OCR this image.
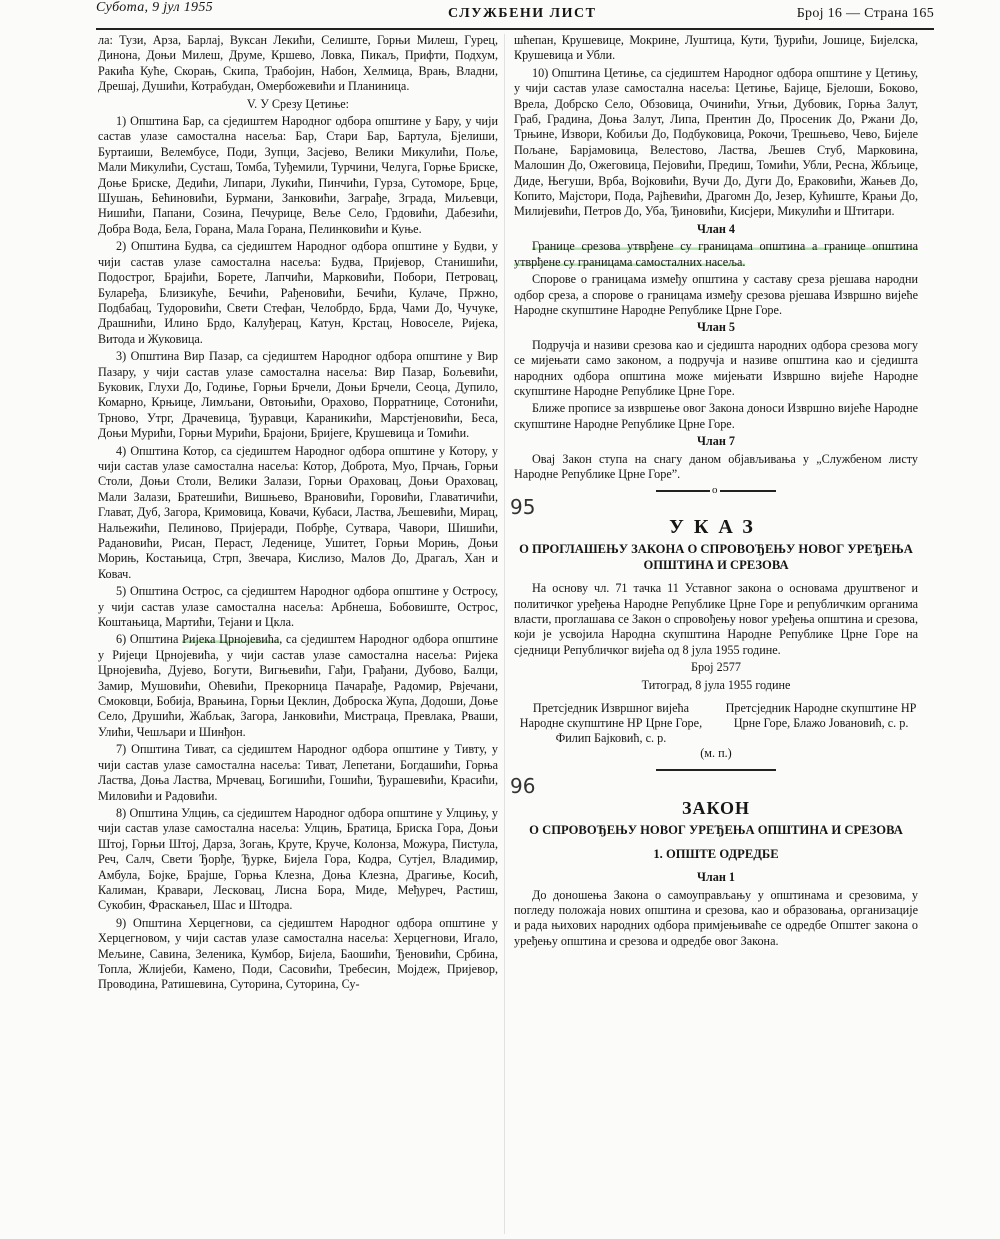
Субота, 9 јул 1955	СЛУЖБЕНИ ЛИСТ	Број 16 — Страна 165

ла: Тузи, Арза, Барлај, Вуксан Лекићи, Селиште, Горњи Милеш, Гурец, Динона, Доњи Милеш, Друме, Кршево, Ловка, Пикаљ, Прифти, Подхум, Ракића Куће, Скорањ, Скипа, Трабојин, Набон, Хелмица, Врањ, Владни, Дрешај, Душићи, Котрабудан, Омербожевићи и Планиница.

V. У Срезу Цетиње:

1) Општина Бар, са сједиштем Народног одбора општине у Бару, у чији састав улазе самостална насеља: Бар, Стари Бар, Бартула, Бјелиши, Буртаиши, Велембусе, Поди, Зупци, Засјево, Велики Микулићи, Поље, Мали Микулићи, Сусташ, Томба, Туђемили, Турчини, Челуга, Горње Бриске, Доње Бриске, Дедићи, Липари, Лукићи, Пинчићи, Гурза, Сутоморе, Брце, Шушањ, Бећиновићи, Бурмани, Занковићи, Заграђе, Зграда, Миљевци, Нишићи, Папани, Созина, Печурице, Веље Село, Грдовићи, Дабезићи, Добра Вода, Бела, Горана, Мала Горана, Пелинковићи и Куње.

2) Општина Будва, са сједиштем Народног одбора општине у Будви, у чији састав улазе самостална насеља: Будва, Пријевор, Станишићи, Подострог, Брајићи, Борете, Лапчићи, Марковићи, Побори, Петровац, Булаређа, Близикуће, Бечићи, Рађеновићи, Бечићи, Кулаче, Пржно, Подбабац, Тудоровићи, Свети Стефан, Челобрдо, Брда, Чами До, Чучуке, Драшнићи, Илино Брдо, Калуђерац, Катун, Крстац, Новоселе, Ријека, Витода и Жуковица.

3) Општина Вир Пазар, са сједиштем Народног одбора општине у Вир Пазару, у чији састав улазе самостална насеља: Вир Пазар, Бољевићи, Буковик, Глухи До, Годиње, Горњи Брчели, Доњи Брчели, Сеоца, Дупило, Комарно, Крњице, Лимљани, Овтоњићи, Орахово, Поpратнице, Сотонићи, Трново, Утрг, Драчевица, Ђуравци, Караникићи, Марстјеновићи, Беса, Доњи Мурићи, Горњи Мурићи, Брајони, Бријеге, Крушевица и Томићи.

4) Општина Котор, са сједиштем Народног одбора општине у Котору, у чији састав улазе самостална насеља: Котор, Доброта, Муо, Прчањ, Горњи Столи, Доњи Столи, Велики Залази, Горњи Ораховац, Доњи Ораховац, Мали Залази, Братешићи, Вишњево, Врановићи, Горовићи, Главатичићи, Глават, Дуб, Загора, Кримовица, Ковачи, Кубаси, Ластва, Љешевићи, Мирац, Нальежићи, Пелиново, Пријеради, Побрђе, Сутвара, Чавори, Шишићи, Радановићи, Рисан, Пераст, Леденице, Ушитет, Горњи Морињ, Доњи Морињ, Костањица, Стрп, Звечара, Кислизо, Малов До, Драгаљ, Хан и Ковач.

5) Општина Острос, са сједиштем Народног одбора општине у Остросу, у чији састав улазе самостална насеља: Арбнеша, Бобовиште, Острос, Коштањица, Мартићи, Тејани и Цкла.

6) Општина Ријека Црнојевића, са сједиштем Народног одбора општине у Ријеци Црнојевића, у чији састав улазе самостална насеља: Ријека Црнојевића, Дујево, Богути, Вигњевићи, Гађи, Грађани, Дубово, Балци, Замир, Мушовићи, Оћевићи, Прекорница Пачарађе, Радомир, Рвјечани, Смоковци, Бобија, Врањина, Горњи Цеклин, Доброска Жупа, Додоши, Доње Село, Друшићи, Жабљак, Загора, Јанковићи, Мистраца, Превлака, Рваши, Улићи, Чешљари и Шинђон.

7) Општина Тиват, са сједиштем Народног одбора општине у Тивту, у чији састав улазе самостална насеља: Тиват, Лепетани, Богдашићи, Горња Ластва, Доња Ластва, Мрчевац, Богишићи, Гошићи, Ђурашевићи, Красићи, Миловићи и Радовићи.

8) Општина Улцињ, са сједиштем Народног одбора општине у Улцињу, у чији састав улазе самостална насеља: Улцињ, Братица, Бриска Гора, Доњи Штој, Горњи Штој, Дарза, Зогањ, Круте, Круче, Колонза, Можура, Пистула, Реч, Салч, Свети Ђорђе, Ђурке, Бијела Гора, Кодра, Сутјел, Владимир, Амбула, Бојке, Брајше, Горња Клезна, Доња Клезна, Драгиње, Косић, Калиман, Кравари, Лесковац, Лисна Бора, Миде, Међуреч, Растиш, Сукобин, Фраскањел, Шас и Штодра.

9) Општина Херцегнови, са сједиштем Народног одбора општине у Херцегновом, у чији састав улазе самостална насеља: Херцегнови, Игало, Мељине, Савина, Зеленика, Кумбор, Бијела, Баошићи, Ђеновићи, Србина, Топла, Жлијеби, Камено, Поди, Сасовићи, Требесин, Мојдеж, Пријевор, Проводина, Ратишевина, Суторина, Суторина, Су-

шћепан, Крушевице, Мокрине, Луштица, Кути, Ђурићи, Јошице, Бијелска, Крушевица и Убли.

10) Општина Цетиње, са сједиштем Народног одбора општине у Цетињу, у чији састав улазе самостална насеља: Цетиње, Бајице, Бјелоши, Боково, Врела, Добрско Село, Обзовица, Очинићи, Угњи, Дубовик, Горња Залут, Граб, Градина, Доња Залут, Липа, Прентин До, Просеник До, Ржани До, Трњине, Извори, Кобиљи До, Подбуковица, Рокочи, Трешњево, Чево, Бијеле Пољане, Барјамовица, Велестово, Ластва, Љешев Стуб, Марковина, Малошин До, Ожеговица, Пејовићи, Предиш, Томићи, Убли, Ресна, Жбљице, Диде, Његуши, Врба, Војковићи, Вучи До, Дуги До, Ераковићи, Жањев До, Копито, Мајстори, Пода, Рајћевићи, Драгомн До, Језер, Кућиште, Крањи До, Милијевићи, Петров До, Уба, Ђиновићи, Кисјери, Микулићи и Штитари.

Члан 4

Границе срезова утврђене су границама општина а границе општина утврђене су границама самосталних насеља.

Спорове о границама између општина у саставу среза рјешава народни одбор среза, а спорове о границама између срезова рјешава Извршно вијеће Народне скупштине Народне Републике Црне Горе.

Члан 5

Подручја и називи срезова као и сједишта народних одбора срезова могу се мијењати само законом, а подручја и називе општина као и сједишта народних одбора општина може мијењати Извршно вијеће Народне скупштине Народне Републике Црне Горе.

Ближе прописе за извршење овог Закона доноси Извршно вијеће Народне скупштине Народне Републике Црне Горе.

Члан 7

Овај Закон ступа на снагу даном објављивања у „Службеном листу Народне Републике Црне Горе”.

o
95
УКАЗ
О ПРОГЛАШЕЊУ ЗАКОНА О СПРОВОЂЕЊУ НОВОГ УРЕЂЕЊА ОПШТИНА И СРЕЗОВА

На основу чл. 71 тачка 11 Уставног закона о основама друштвеног и политичког уређења Народне Републике Црне Горе и републичким органима власти, проглашава се Закон о спровођењу новог уређења општина и срезова, који је усвојила Народна скупштина Народне Републике Црне Горе на сједници Републичког вијећа од 8 јула 1955 године.

Број 2577

Титоград, 8 јула 1955 године

Претсједник Извршног вијећа Народне скупштине НР Црне Горе, Филип Бајковић, с. р.
Претсједник Народне скупштине НР Црне Горе, Блажо Јовановић, с. р.

(м. п.)

96
ЗАКОН
О СПРОВОЂЕЊУ НОВОГ УРЕЂЕЊА ОПШТИНА И СРЕЗОВА
1. ОПШТЕ ОДРЕДБЕ

Члан 1

До доношења Закона о самоуправљању у општинама и срезовима, у погледу положаја нових општина и срезова, као и образовања, организације и рада њихових народних одбора примјењиваће се одредбе Општег закона о уређењу општина и срезова и одредбе овог Закона.
